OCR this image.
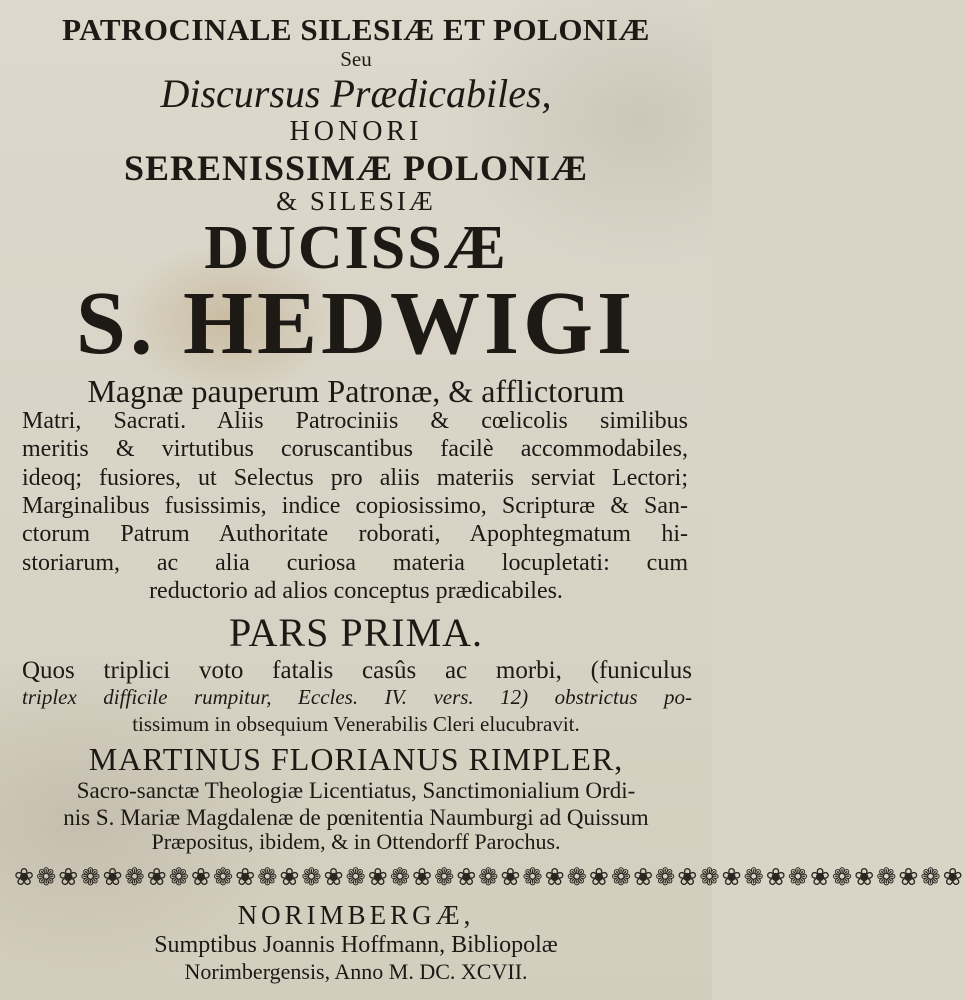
PATROCINALE SILESIÆ ET POLONIÆ
Seu
Discursus Prædicabiles,
HONORI
SERENISSIMÆ POLONIÆ
& SILESIÆ
DUCISSÆ
S. HEDWIGI
Magnæ pauperum Patronæ, & afflictorum
Matri, Sacrati. Aliis Patrociniis & cœlicolis similibus
meritis & virtutibus coruscantibus facilè accommodabiles,
ideoq; fusiores, ut Selectus pro aliis materiis serviat Lectori;
Marginalibus fusissimis, indice copiosissimo, Scripturæ & San-
ctorum Patrum Authoritate roborati, Apophtegmatum hi-
storiarum, ac alia curiosa materia locupletati: cum
reductorio ad alios conceptus prædicabiles.
PARS PRIMA.
Quos triplici voto fatalis casûs ac morbi, (funiculus
triplex difficile rumpitur, Eccles. IV. vers. 12) obstrictus po-
tissimum in obsequium Venerabilis Cleri elucubravit.
MARTINUS FLORIANUS RIMPLER,
Sacro-sanctæ Theologiæ Licentiatus, Sanctimonialium Ordi-
nis S. Mariæ Magdalenæ de pœnitentia Naumburgi ad Quissum
Præpositus, ibidem, & in Ottendorff Parochus.
❀❁❀❁❀❁❀❁❀❁❀❁❀❁❀❁❀❁❀❁❀❁❀❁❀❁❀❁❀❁❀❁❀❁❀❁❀❁❀❁❀❁❀
NORIMBERGÆ,
Sumptibus Joannis Hoffmann, Bibliopolæ
Norimbergensis, Anno M. DC. XCVII.
